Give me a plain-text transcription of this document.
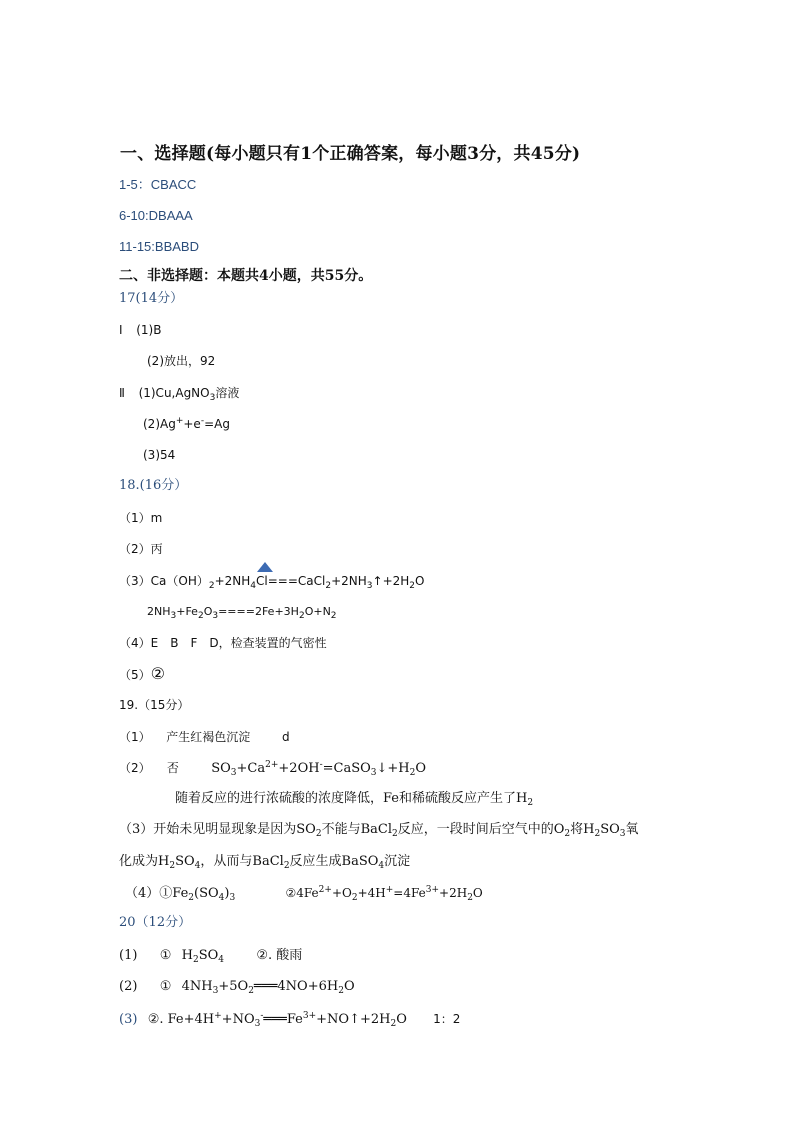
一、选择题(每小题只有1个正确答案，每小题3分，共45分)
1-5：CBACC
6-10:DBAAA
11-15:BBABD
二、非选择题：本题共4小题，共55分。
17(14分）
Ⅰ (1)B
(2)放出，92
Ⅱ (1)Cu,AgNO$_3$溶液
(2)Ag++e-=Ag
(3)54
18.(16分）
（1）m
（2）丙
$(3)Ca(OH)_2+2NH_4Cl===CaCl_2+2NH_3↑+2H_2O$
$2NH_3+Fe_2O_3====2Fe+3H_2O+N_2$
（4）E　B　F　D，检查装置的气密性
（5）②
19.（15分）
（1） 产生红褐色沉淀	d
（2） 否 $SO_3+Ca^{2+}+2OH^-=CaSO_3↓+H_2O$
随着反应的进行浓硫酸的浓度降低，Fe和稀硫酸反应产生了$H_2$
（3）开始未见明显现象是因为$SO_2$不能与BaCl$_2$反应，一段时间后空气中的$O_2$将$H_2SO_3$氧
化成为$H_2SO_4$，从而与BaCl$_2$反应生成BaSO$_4$沉淀
$(4)①Fe_2(SO_4)_3$	$②4Fe^{2+}+O_2+4H^+=4Fe^{3+}+2H_2O$
20（12分）
(1) ① $H_2SO_4$ ②. 酸雨
(2) ① $4NH_3+5O_2═══4NO+6H_2O$
(3) ②. $Fe+4H^++NO_3^-═══Fe^{3+}+NO↑+2H_2O$ 1：2
